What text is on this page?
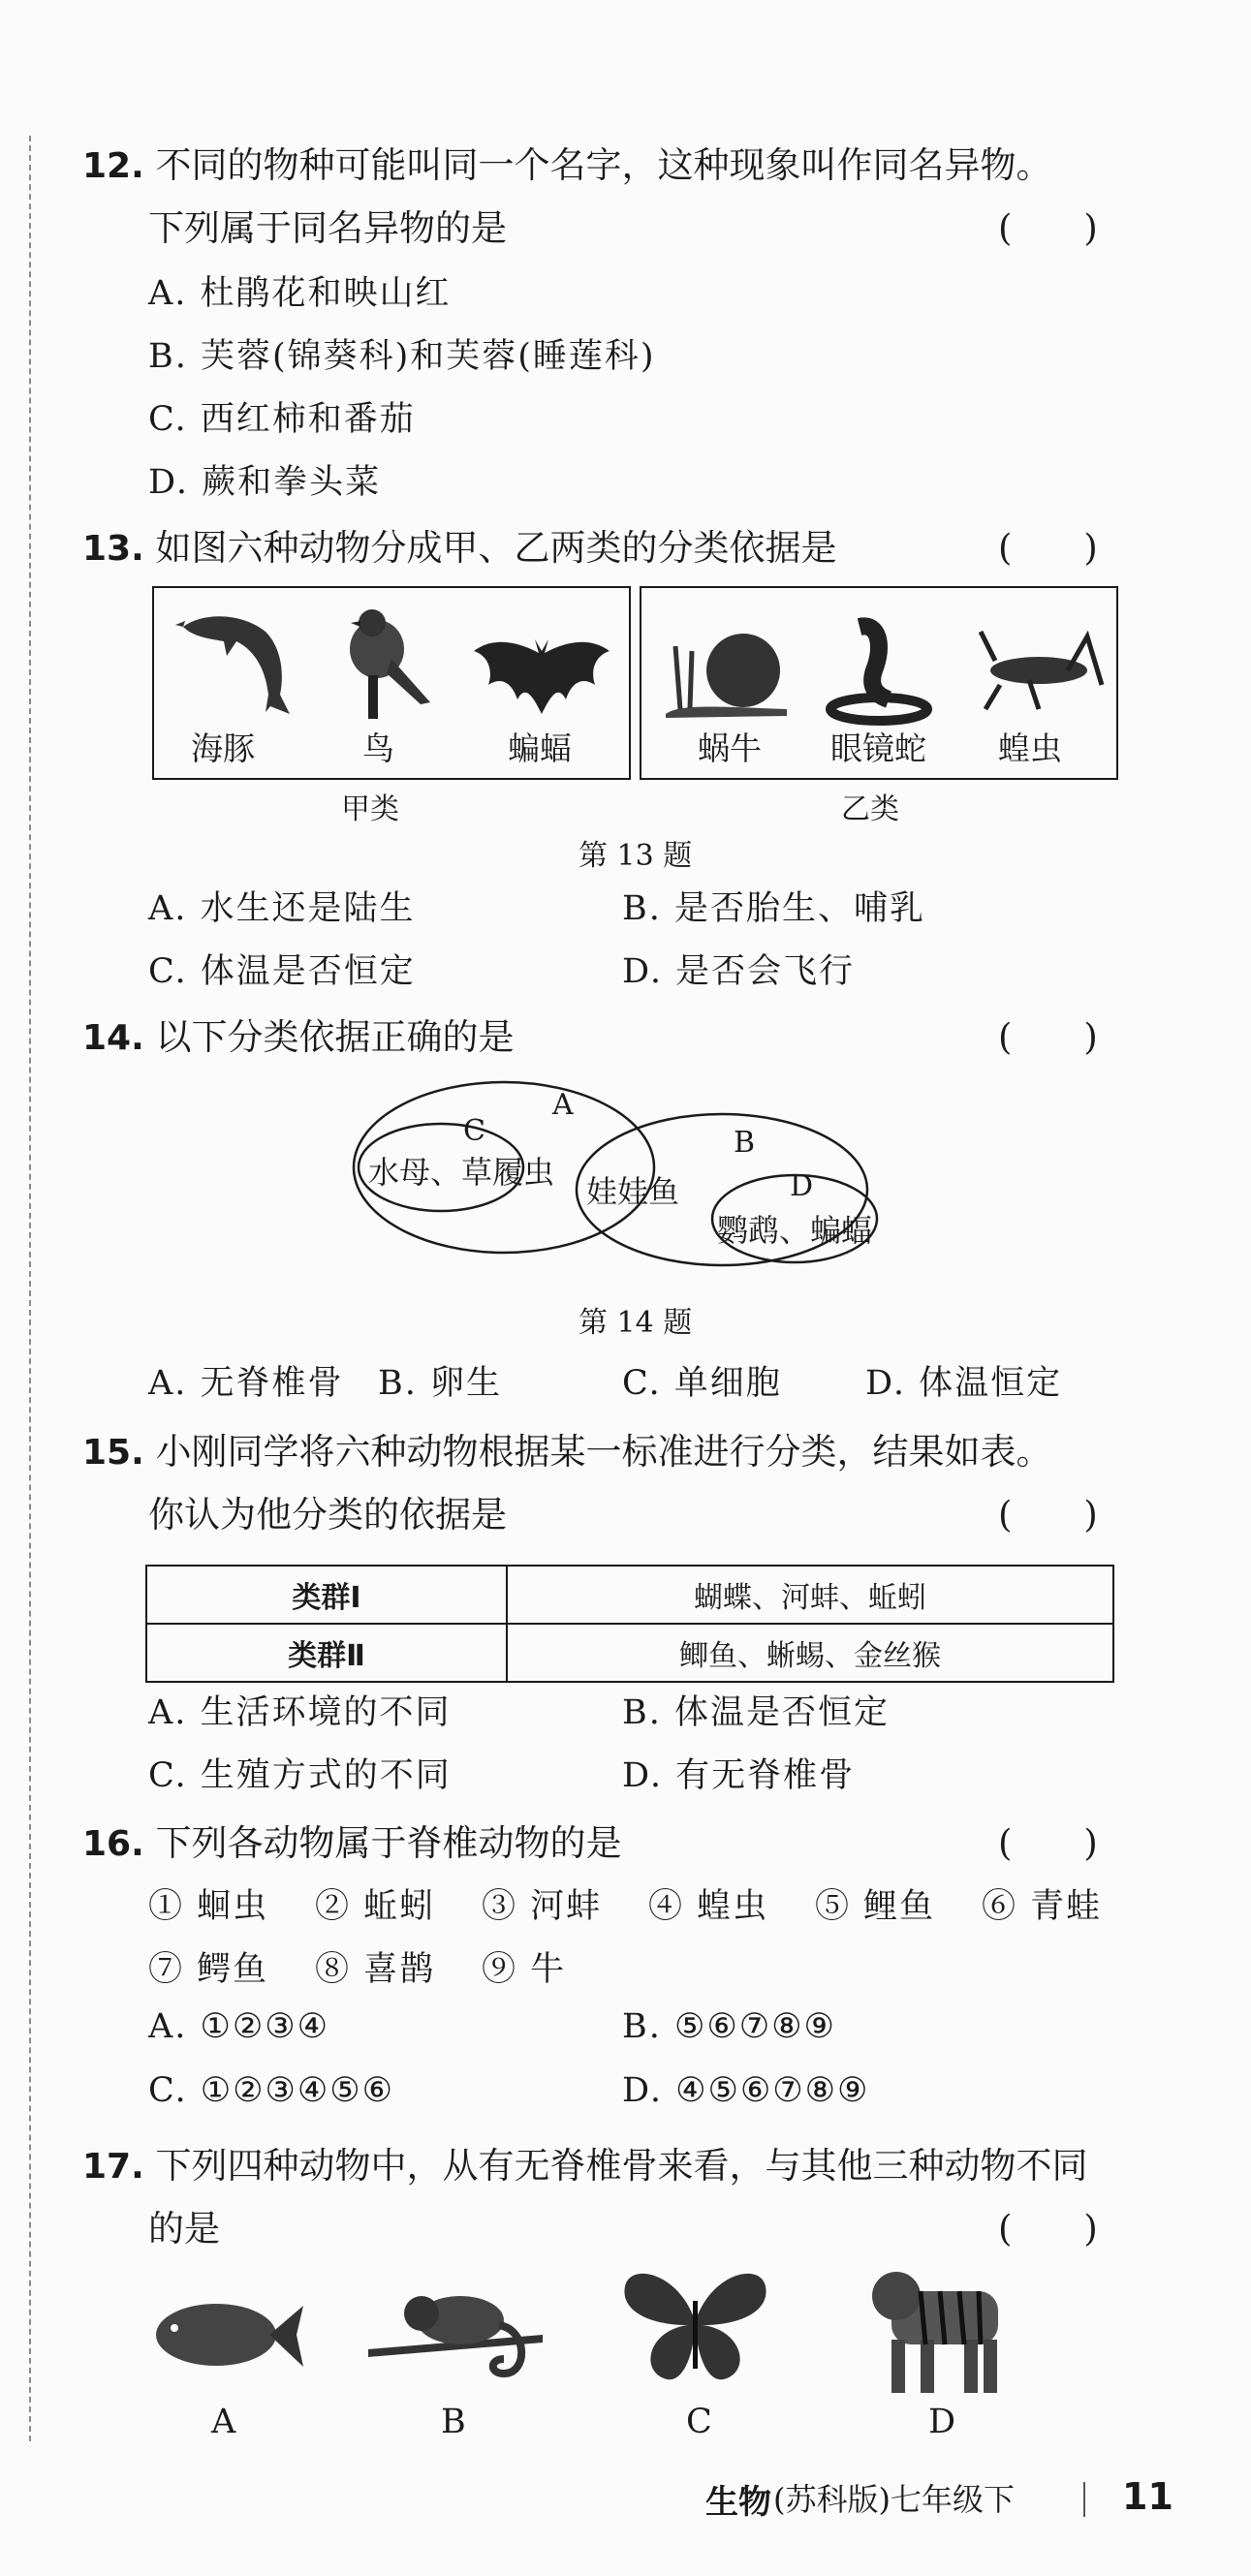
12. 不同的物种可能叫同一个名字，这种现象叫作同名异物。
下列属于同名异物的是	(　　)
A. 杜鹃花和映山红
B. 芙蓉(锦葵科)和芙蓉(睡莲科)
C. 西红柿和番茄
D. 蕨和拳头菜
13. 如图六种动物分成甲、乙两类的分类依据是	(　　)
海豚	鸟	蝙蝠	蜗牛 眼镜蛇 蝗虫
甲类	乙类
第 13 题
A. 水生还是陆生	B. 是否胎生、哺乳
C. 体温是否恒定	D. 是否会飞行
14. 以下分类依据正确的是	(　　)
A
C	B
D
水母、草履虫
娃娃鱼
鹦鹉、蝙蝠
第 14 题
A. 无脊椎骨 B. 卵生	C. 单细胞 D. 体温恒定
15. 小刚同学将六种动物根据某一标准进行分类，结果如表。
你认为他分类的依据是	(　　)
类群Ⅰ	蝴蝶、河蚌、蚯蚓
类群Ⅱ	鲫鱼、蜥蜴、金丝猴
A. 生活环境的不同	B. 体温是否恒定
C. 生殖方式的不同	D. 有无脊椎骨
16. 下列各动物属于脊椎动物的是	(　　)
① 蛔虫 ② 蚯蚓 ③ 河蚌 ④ 蝗虫 ⑤ 鲤鱼 ⑥ 青蛙
⑦ 鳄鱼 ⑧ 喜鹊 ⑨ 牛
A. ①②③④	B. ⑤⑥⑦⑧⑨
C. ①②③④⑤⑥	D. ④⑤⑥⑦⑧⑨
17. 下列四种动物中，从有无脊椎骨来看，与其他三种动物不同
的是	(　　)
A	B	C	D
生物 (苏科版)七年级下	11
